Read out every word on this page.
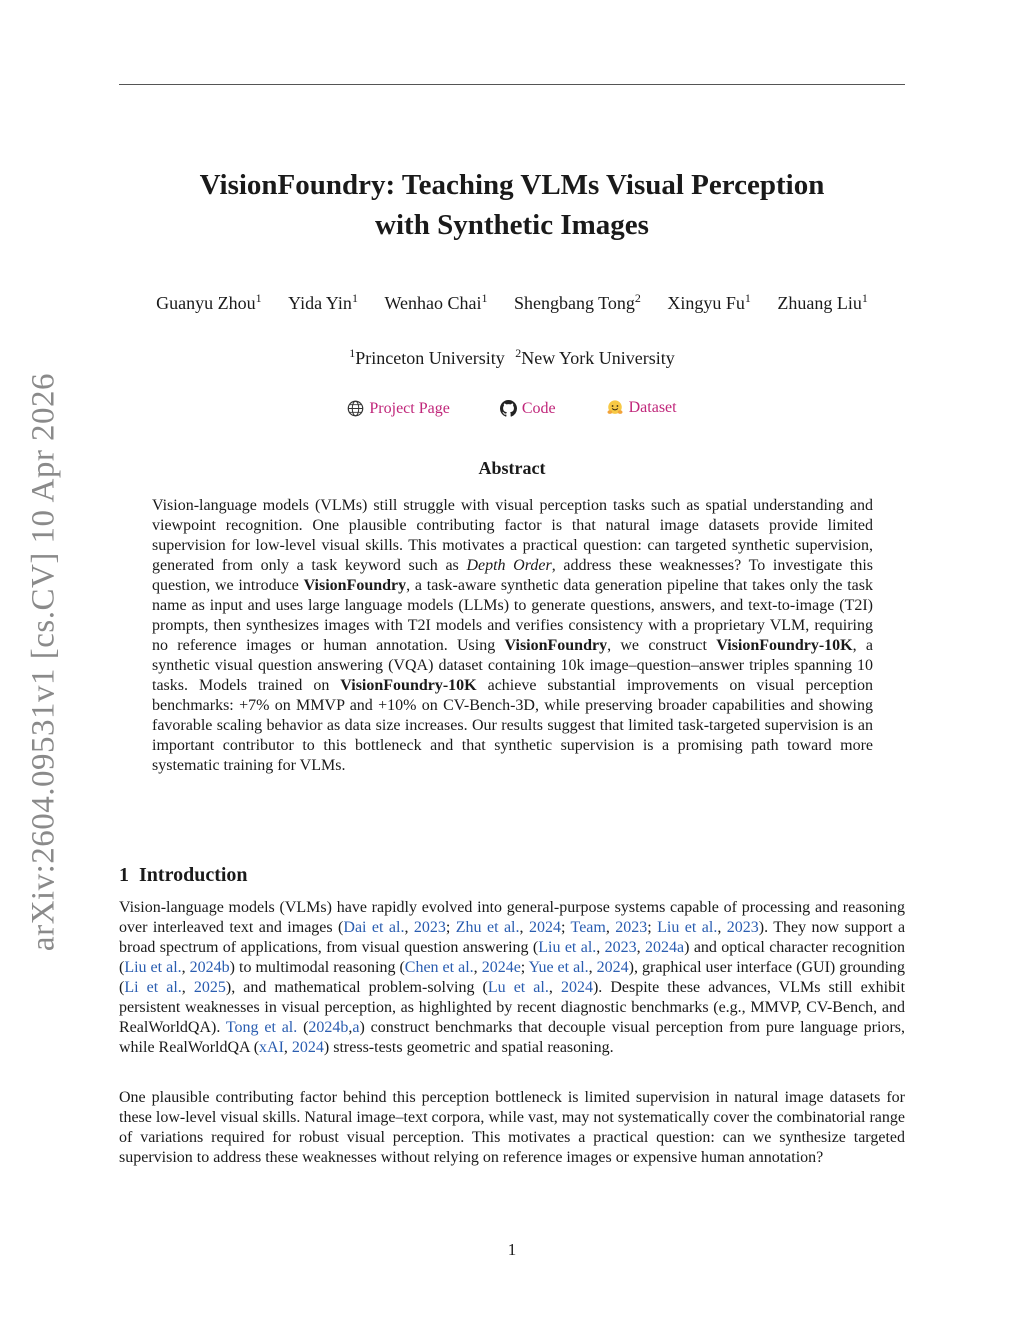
arXiv:2604.09531v1 [cs.CV] 10 Apr 2026
VisionFoundry: Teaching VLMs Visual Perception
with Synthetic Images
Guanyu Zhou$^1$ Yida Yin$^1$ Wenhao Chai$^1$ Shengbang Tong$^2$ Xingyu Fu$^1$ Zhuang Liu$^1$
$^1$Princeton University $^2$New York University
Project Page
	Code
	Dataset
Abstract

Vision-language models (VLMs) still struggle with visual perception tasks such as spatial understanding and viewpoint recognition. One plausible contributing factor is that natural image datasets provide limited supervision for low-level visual skills. This motivates a practical question: can targeted synthetic supervision, generated from only a task keyword such as Depth Order, address these weaknesses? To investigate this question, we introduce VisionFoundry, a task-aware synthetic data generation pipeline that takes only the task name as input and uses large language models (LLMs) to generate questions, answers, and text-to-image (T2I) prompts, then synthesizes images with T2I models and verifies consistency with a proprietary VLM, requiring no reference images or human annotation. Using VisionFoundry, we construct VisionFoundry-10K, a synthetic visual question answering (VQA) dataset containing 10k image–question–answer triples spanning 10 tasks. Models trained on VisionFoundry-10K achieve substantial improvements on visual perception benchmarks: +7% on MMVP and +10% on CV-Bench-3D, while preserving broader capabilities and showing favorable scaling behavior as data size increases. Our results suggest that limited task-targeted supervision is an important contributor to this bottleneck and that synthetic supervision is a promising path toward more systematic training for VLMs.

1 Introduction

Vision-language models (VLMs) have rapidly evolved into general-purpose systems capable of processing and reasoning over interleaved text and images (Dai et al., 2023; Zhu et al., 2024; Team, 2023; Liu et al., 2023). They now support a broad spectrum of applications, from visual question answering (Liu et al., 2023, 2024a) and optical character recognition (Liu et al., 2024b) to multimodal reasoning (Chen et al., 2024e; Yue et al., 2024), graphical user interface (GUI) grounding (Li et al., 2025), and mathematical problem-solving (Lu et al., 2024). Despite these advances, VLMs still exhibit persistent weaknesses in visual perception, as highlighted by recent diagnostic benchmarks (e.g., MMVP, CV-Bench, and RealWorldQA). Tong et al. (2024b,a) construct benchmarks that decouple visual perception from pure language priors, while RealWorldQA (xAI, 2024) stress-tests geometric and spatial reasoning.

One plausible contributing factor behind this perception bottleneck is limited supervision in natural image datasets for these low-level visual skills. Natural image–text corpora, while vast, may not systematically cover the combinatorial range of variations required for robust visual perception. This motivates a practical question: can we synthesize targeted supervision to address these weaknesses without relying on reference images or expensive human annotation?

1
